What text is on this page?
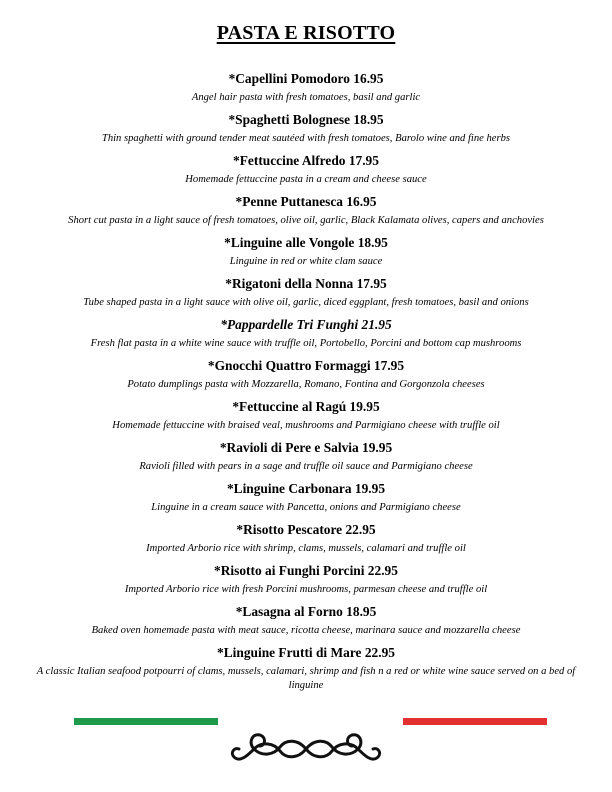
PASTA E RISOTTO
*Capellini Pomodoro 16.95
Angel hair pasta with fresh tomatoes, basil and garlic
*Spaghetti Bolognese 18.95
Thin spaghetti with ground tender meat sautéed with fresh tomatoes, Barolo wine and fine herbs
*Fettuccine Alfredo 17.95
Homemade fettuccine pasta in a cream and cheese sauce
*Penne Puttanesca 16.95
Short cut pasta in a light sauce of fresh tomatoes, olive oil, garlic, Black Kalamata olives, capers and anchovies
*Linguine alle Vongole 18.95
Linguine in red or white clam sauce
*Rigatoni della Nonna 17.95
Tube shaped pasta in a light sauce with olive oil, garlic, diced eggplant, fresh tomatoes, basil and onions
*Pappardelle Tri Funghi 21.95
Fresh flat pasta in a white wine sauce with truffle oil, Portobello, Porcini and bottom cap mushrooms
*Gnocchi Quattro Formaggi 17.95
Potato dumplings pasta with Mozzarella, Romano, Fontina and Gorgonzola cheeses
*Fettuccine al Ragú 19.95
Homemade fettuccine with braised veal, mushrooms and Parmigiano cheese with truffle oil
*Ravioli di Pere e Salvia 19.95
Ravioli filled with pears in a sage and truffle oil sauce and Parmigiano cheese
*Linguine Carbonara 19.95
Linguine in a cream sauce with Pancetta, onions and Parmigiano cheese
*Risotto Pescatore 22.95
Imported Arborio rice with shrimp, clams, mussels, calamari and truffle oil
*Risotto ai Funghi Porcini 22.95
Imported Arborio rice with fresh Porcini mushrooms, parmesan cheese and truffle oil
*Lasagna al Forno 18.95
Baked oven homemade pasta with meat sauce, ricotta cheese, marinara sauce and mozzarella cheese
*Linguine Frutti di Mare 22.95
A classic Italian seafood potpourri of clams, mussels, calamari, shrimp and fish n a red or white wine sauce served on a bed of linguine
